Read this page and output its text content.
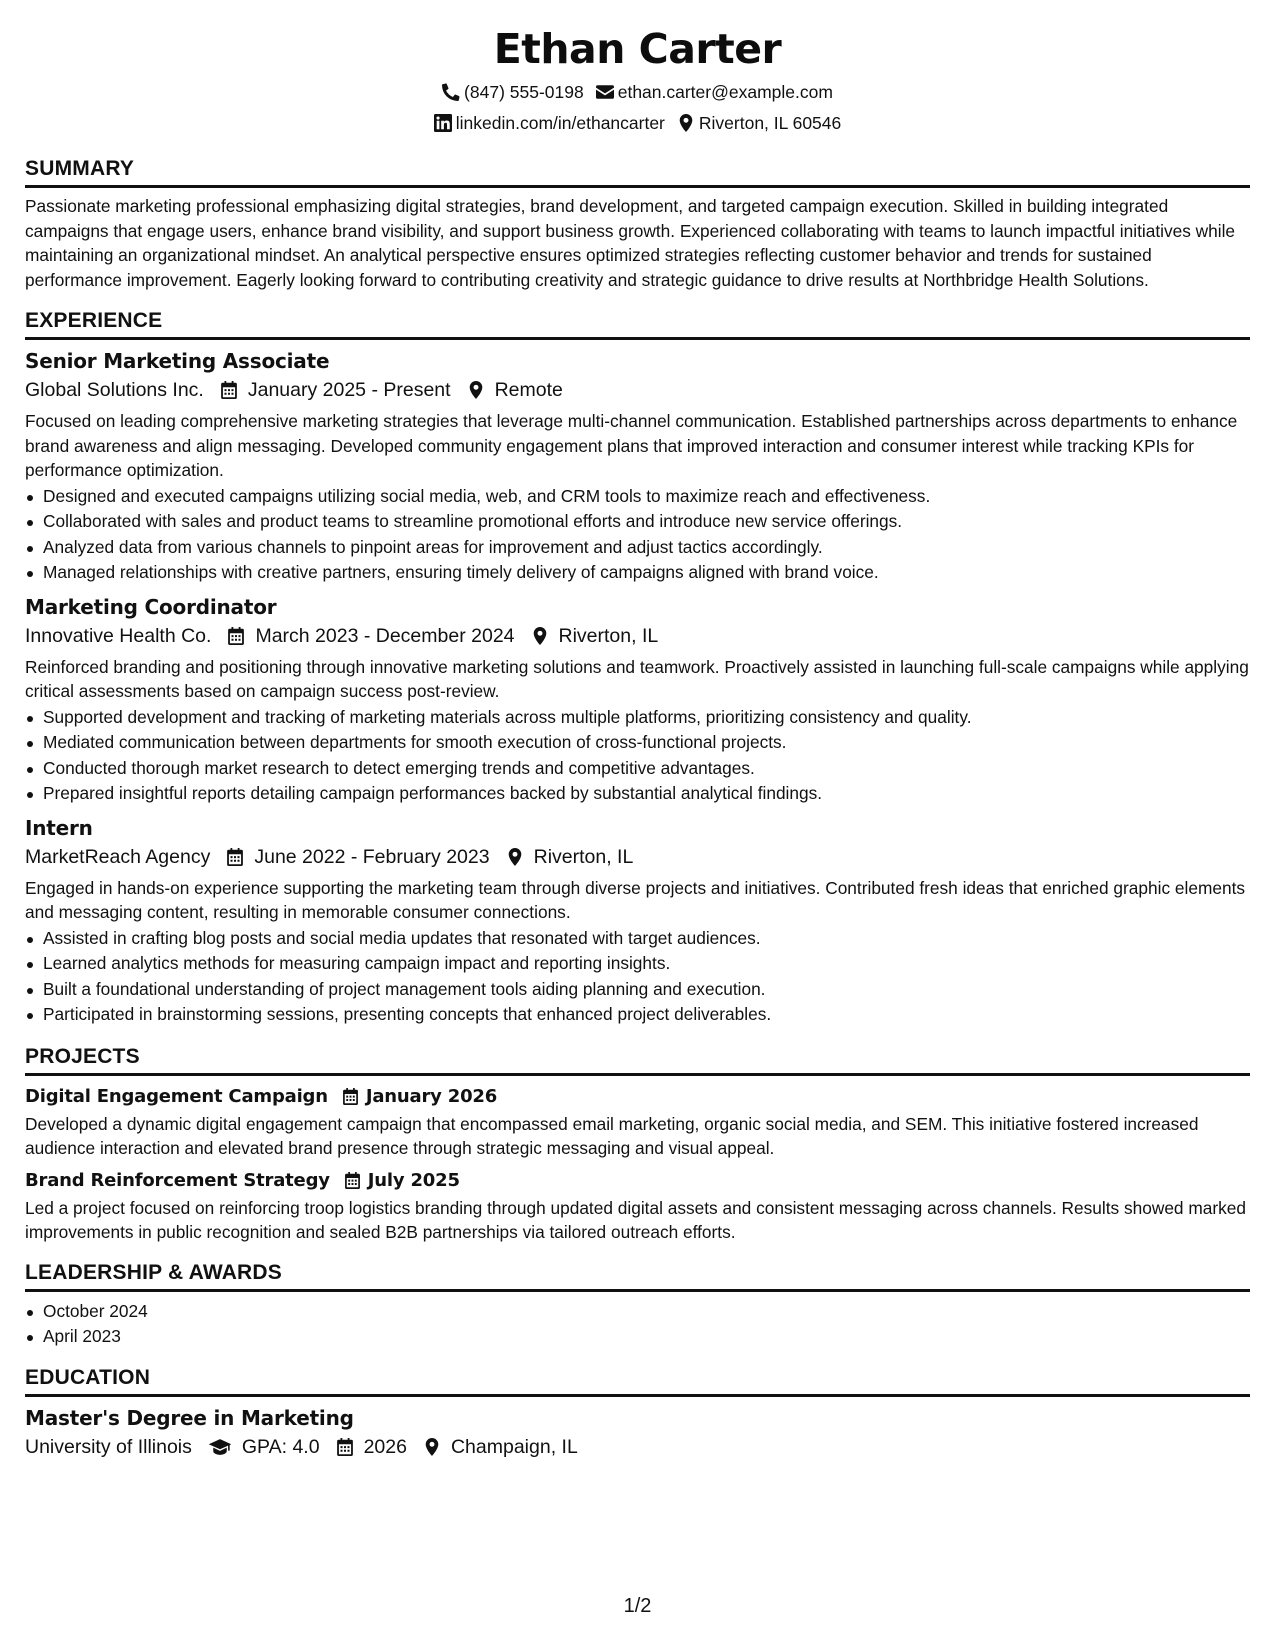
Ethan Carter
(847) 555-0198 ethan.carter@example.com
linkedin.com/in/ethancarter Riverton, IL 60546
SUMMARY
Passionate marketing professional emphasizing digital strategies, brand development, and targeted campaign execution. Skilled in building integrated campaigns that engage users, enhance brand visibility, and support business growth. Experienced collaborating with teams to launch impactful initiatives while maintaining an organizational mindset. An analytical perspective ensures optimized strategies reflecting customer behavior and trends for sustained performance improvement. Eagerly looking forward to contributing creativity and strategic guidance to drive results at Northbridge Health Solutions.
EXPERIENCE
Senior Marketing Associate
Global Solutions Inc. January 2025 - Present Remote
Focused on leading comprehensive marketing strategies that leverage multi-channel communication. Established partnerships across departments to enhance brand awareness and align messaging. Developed community engagement plans that improved interaction and consumer interest while tracking KPIs for performance optimization.
Designed and executed campaigns utilizing social media, web, and CRM tools to maximize reach and effectiveness.
Collaborated with sales and product teams to streamline promotional efforts and introduce new service offerings.
Analyzed data from various channels to pinpoint areas for improvement and adjust tactics accordingly.
Managed relationships with creative partners, ensuring timely delivery of campaigns aligned with brand voice.
Marketing Coordinator
Innovative Health Co. March 2023 - December 2024 Riverton, IL
Reinforced branding and positioning through innovative marketing solutions and teamwork. Proactively assisted in launching full-scale campaigns while applying critical assessments based on campaign success post-review.
Supported development and tracking of marketing materials across multiple platforms, prioritizing consistency and quality.
Mediated communication between departments for smooth execution of cross-functional projects.
Conducted thorough market research to detect emerging trends and competitive advantages.
Prepared insightful reports detailing campaign performances backed by substantial analytical findings.
Intern
MarketReach Agency June 2022 - February 2023 Riverton, IL
Engaged in hands-on experience supporting the marketing team through diverse projects and initiatives. Contributed fresh ideas that enriched graphic elements and messaging content, resulting in memorable consumer connections.
Assisted in crafting blog posts and social media updates that resonated with target audiences.
Learned analytics methods for measuring campaign impact and reporting insights.
Built a foundational understanding of project management tools aiding planning and execution.
Participated in brainstorming sessions, presenting concepts that enhanced project deliverables.
PROJECTS
Digital Engagement Campaign January 2026
Developed a dynamic digital engagement campaign that encompassed email marketing, organic social media, and SEM. This initiative fostered increased audience interaction and elevated brand presence through strategic messaging and visual appeal.
Brand Reinforcement Strategy July 2025
Led a project focused on reinforcing troop logistics branding through updated digital assets and consistent messaging across channels. Results showed marked improvements in public recognition and sealed B2B partnerships via tailored outreach efforts.
LEADERSHIP & AWARDS
October 2024
April 2023
EDUCATION
Master's Degree in Marketing
University of Illinois	GPA: 4.0 2026 Champaign, IL
1/2
